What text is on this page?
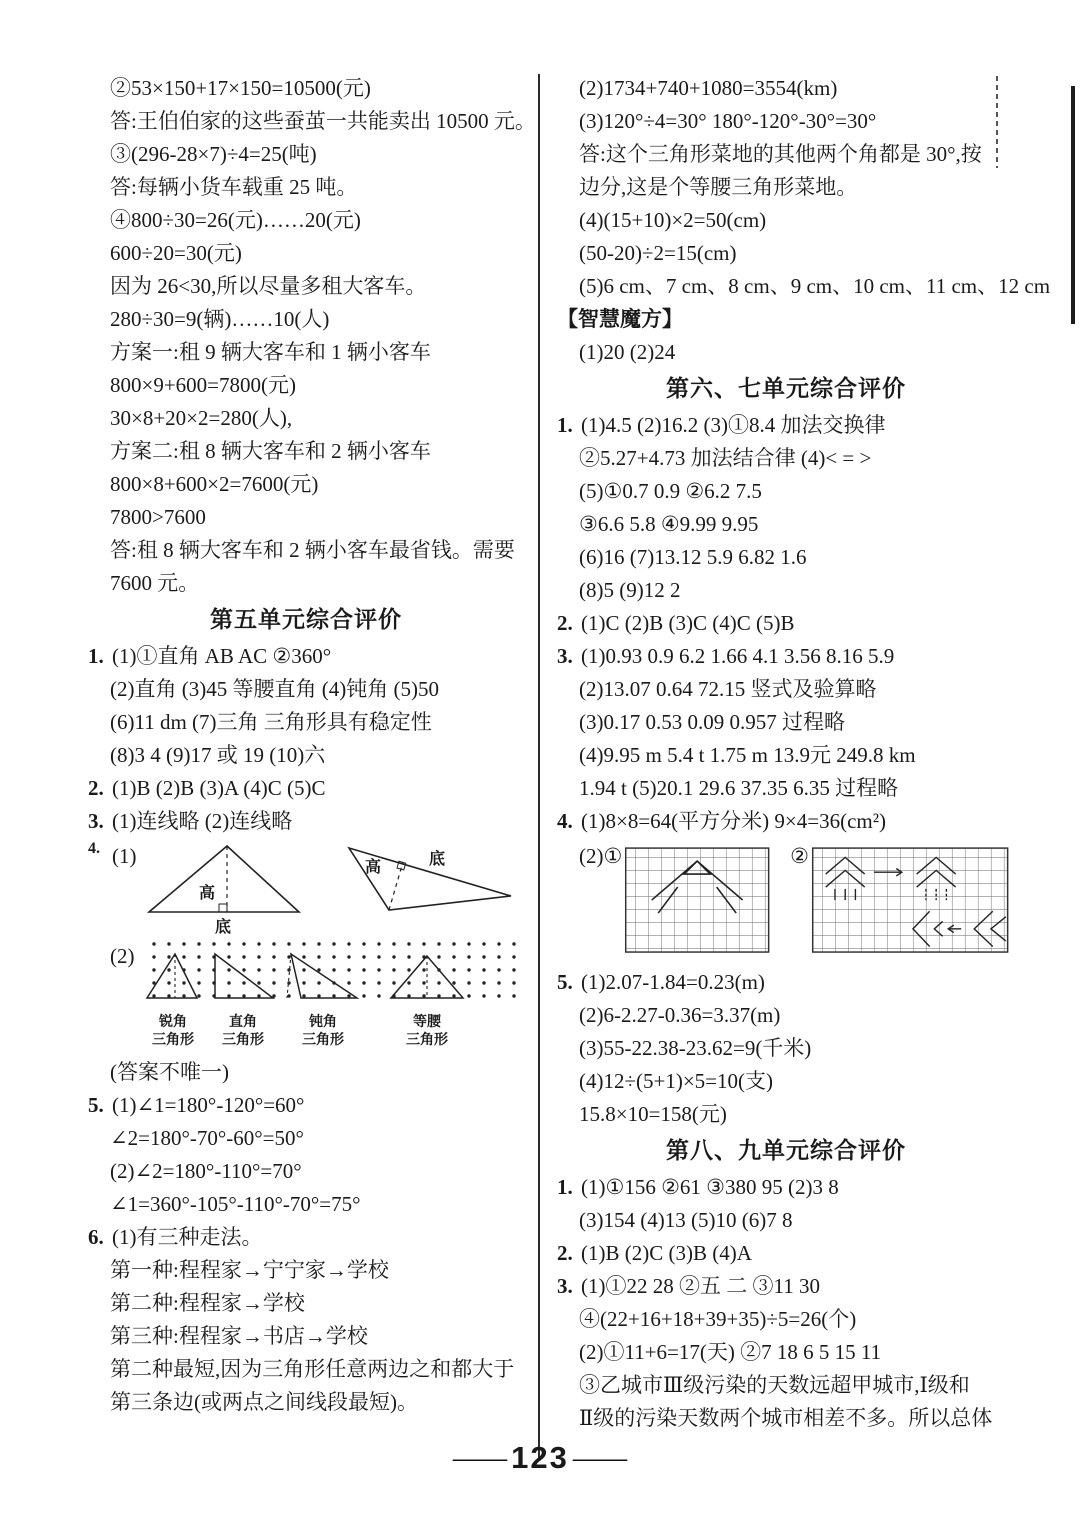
②53×150+17×150=10500(元)
答:王伯伯家的这些蚕茧一共能卖出 10500 元。
③(296-28×7)÷4=25(吨)
答:每辆小货车载重 25 吨。
④800÷30=26(元)……20(元)
600÷20=30(元)
因为 26<30,所以尽量多租大客车。
280÷30=9(辆)……10(人)
方案一:租 9 辆大客车和 1 辆小客车
800×9+600=7800(元)
30×8+20×2=280(人),
方案二:租 8 辆大客车和 2 辆小客车
800×8+600×2=7600(元)
7800>7600
答:租 8 辆大客车和 2 辆小客车最省钱。需要
7600 元。
第五单元综合评价
1. (1)①直角 AB AC ②360°
(2)直角 (3)45 等腰直角 (4)钝角 (5)50
(6)11 dm (7)三角 三角形具有稳定性
(8)3 4 (9)17 或 19 (10)六
2. (1)B (2)B (3)A (4)C (5)C
3. (1)连线略 (2)连线略
4. (1)
高
底
高	底
(2)
锐角
三角形
直角
三角形
钝角
三角形
等腰
三角形
(答案不唯一)
5. (1)∠1=180°-120°=60°
∠2=180°-70°-60°=50°
(2)∠2=180°-110°=70°
∠1=360°-105°-110°-70°=75°
6. (1)有三种走法。
第一种:程程家→宁宁家→学校
第二种:程程家→学校
第三种:程程家→书店→学校
第二种最短,因为三角形任意两边之和都大于
第三条边(或两点之间线段最短)。
(2)1734+740+1080=3554(km)
(3)120°÷4=30° 180°-120°-30°=30°
答:这个三角形菜地的其他两个角都是 30°,按
边分,这是个等腰三角形菜地。
(4)(15+10)×2=50(cm)
(50-20)÷2=15(cm)
(5)6 cm、7 cm、8 cm、9 cm、10 cm、11 cm、12 cm
【智慧魔方】
(1)20 (2)24
第六、七单元综合评价
1. (1)4.5 (2)16.2 (3)①8.4 加法交换律
②5.27+4.73 加法结合律 (4)< = >
(5)①0.7 0.9 ②6.2 7.5
③6.6 5.8 ④9.99 9.95
(6)16 (7)13.12 5.9 6.82 1.6
(8)5 (9)12 2
2. (1)C (2)B (3)C (4)C (5)B
3. (1)0.93 0.9 6.2 1.66 4.1 3.56 8.16 5.9
(2)13.07 0.64 72.15 竖式及验算略
(3)0.17 0.53 0.09 0.957 过程略
(4)9.95 m 5.4 t 1.75 m 13.9元 249.8 km
1.94 t (5)20.1 29.6 37.35 6.35 过程略
4. (1)8×8=64(平方分米) 9×4=36(cm²)
(2)①	②
5. (1)2.07-1.84=0.23(m)
(2)6-2.27-0.36=3.37(m)
(3)55-22.38-23.62=9(千米)
(4)12÷(5+1)×5=10(支)
15.8×10=158(元)
第八、九单元综合评价
1. (1)①156 ②61 ③380 95 (2)3 8
(3)154 (4)13 (5)10 (6)7 8
2. (1)B (2)C (3)B (4)A
3. (1)①22 28 ②五 二 ③11 30
④(22+16+18+39+35)÷5=26(个)
(2)①11+6=17(天) ②7 18 6 5 15 11
③乙城市Ⅲ级污染的天数远超甲城市,Ⅰ级和
Ⅱ级的污染天数两个城市相差不多。所以总体
— 123 —
